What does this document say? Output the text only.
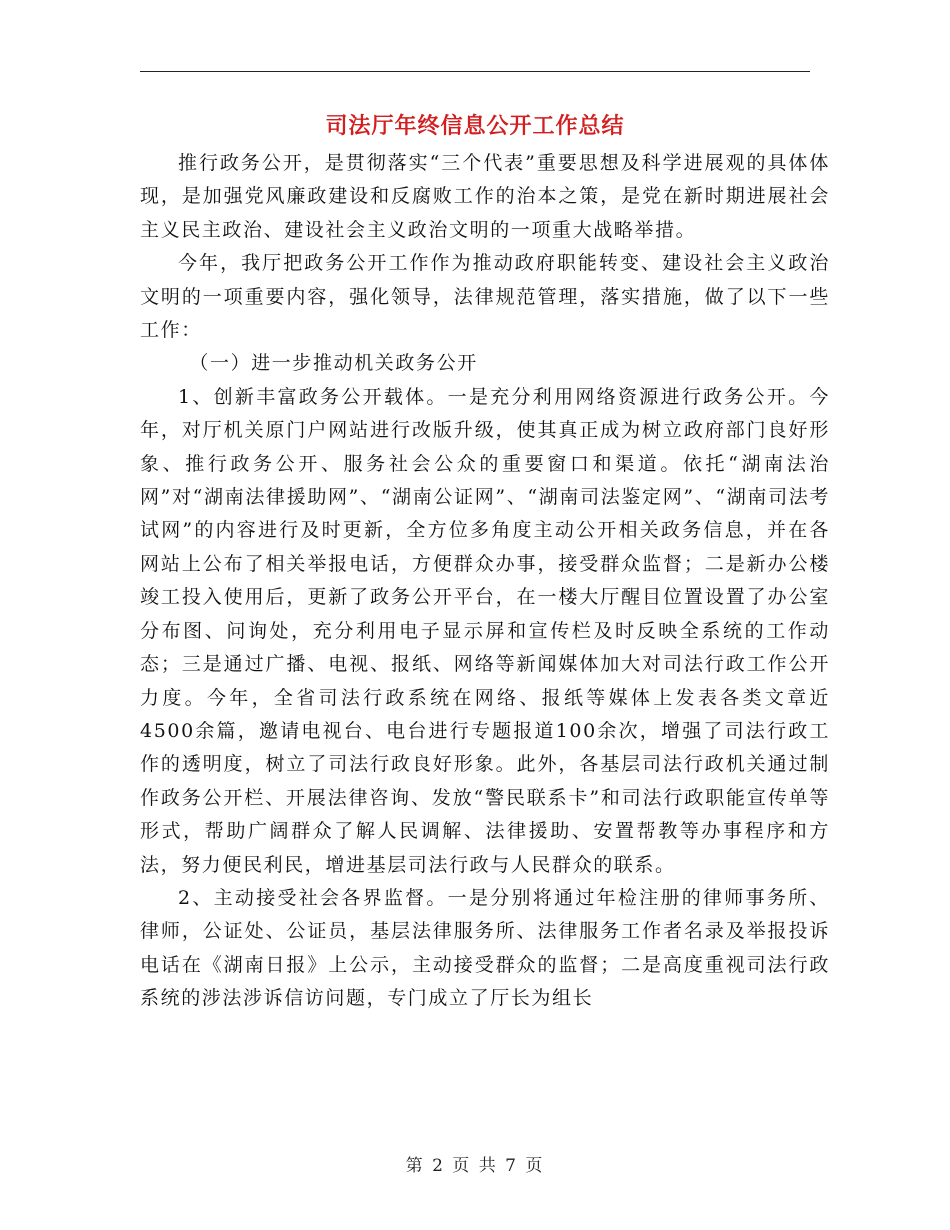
司法厅年终信息公开工作总结

推行政务公开，是贯彻落实“三个代表”重要思想及科学进展观的具体体现，是加强党风廉政建设和反腐败工作的治本之策，是党在新时期进展社会主义民主政治、建设社会主义政治文明的一项重大战略举措。

今年，我厅把政务公开工作作为推动政府职能转变、建设社会主义政治文明的一项重要内容，强化领导，法律规范管理，落实措施，做了以下一些工作：

（一）进一步推动机关政务公开

1、创新丰富政务公开载体。一是充分利用网络资源进行政务公开。今年，对厅机关原门户网站进行改版升级，使其真正成为树立政府部门良好形象、推行政务公开、服务社会公众的重要窗口和渠道。依托“湖南法治网”对“湖南法律援助网”、“湖南公证网”、“湖南司法鉴定网”、“湖南司法考试网”的内容进行及时更新，全方位多角度主动公开相关政务信息，并在各网站上公布了相关举报电话，方便群众办事，接受群众监督；二是新办公楼竣工投入使用后，更新了政务公开平台，在一楼大厅醒目位置设置了办公室分布图、问询处，充分利用电子显示屏和宣传栏及时反映全系统的工作动态；三是通过广播、电视、报纸、网络等新闻媒体加大对司法行政工作公开力度。今年，全省司法行政系统在网络、报纸等媒体上发表各类文章近4500余篇，邀请电视台、电台进行专题报道100余次，增强了司法行政工作的透明度，树立了司法行政良好形象。此外，各基层司法行政机关通过制作政务公开栏、开展法律咨询、发放“警民联系卡”和司法行政职能宣传单等形式，帮助广阔群众了解人民调解、法律援助、安置帮教等办事程序和方法，努力便民利民，增进基层司法行政与人民群众的联系。

2、主动接受社会各界监督。一是分别将通过年检注册的律师事务所、律师，公证处、公证员，基层法律服务所、法律服务工作者名录及举报投诉电话在《湖南日报》上公示，主动接受群众的监督；二是高度重视司法行政系统的涉法涉诉信访问题，专门成立了厅长为组长

第 2 页 共 7 页
